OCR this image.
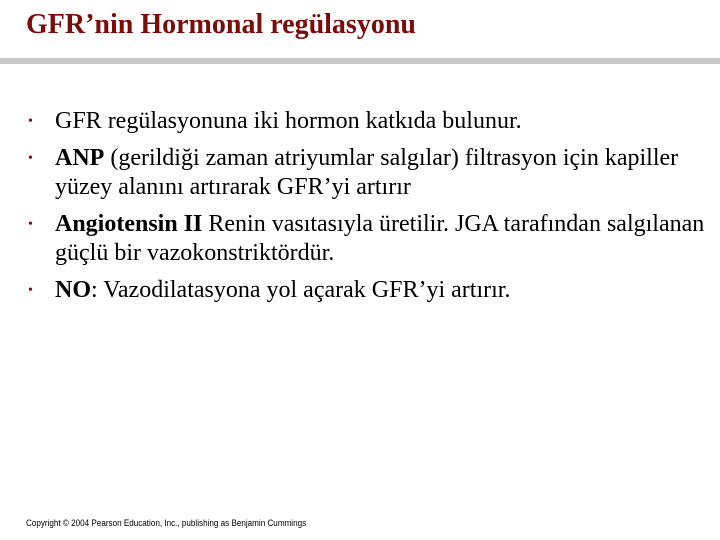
GFR’nin Hormonal regülasyonu
• GFR regülasyonuna iki hormon katkıda bulunur.
• ANP (gerildiği zaman atriyumlar salgılar) filtrasyon için kapiller yüzey alanını artırarak GFR’yi artırır
• Angiotensin II Renin vasıtasıyla üretilir. JGA tarafından salgılanan güçlü bir vazokonstriktördür.
• NO: Vazodilatasyona yol açarak GFR’yi artırır.
Copyright © 2004 Pearson Education, Inc., publishing as Benjamin Cummings
